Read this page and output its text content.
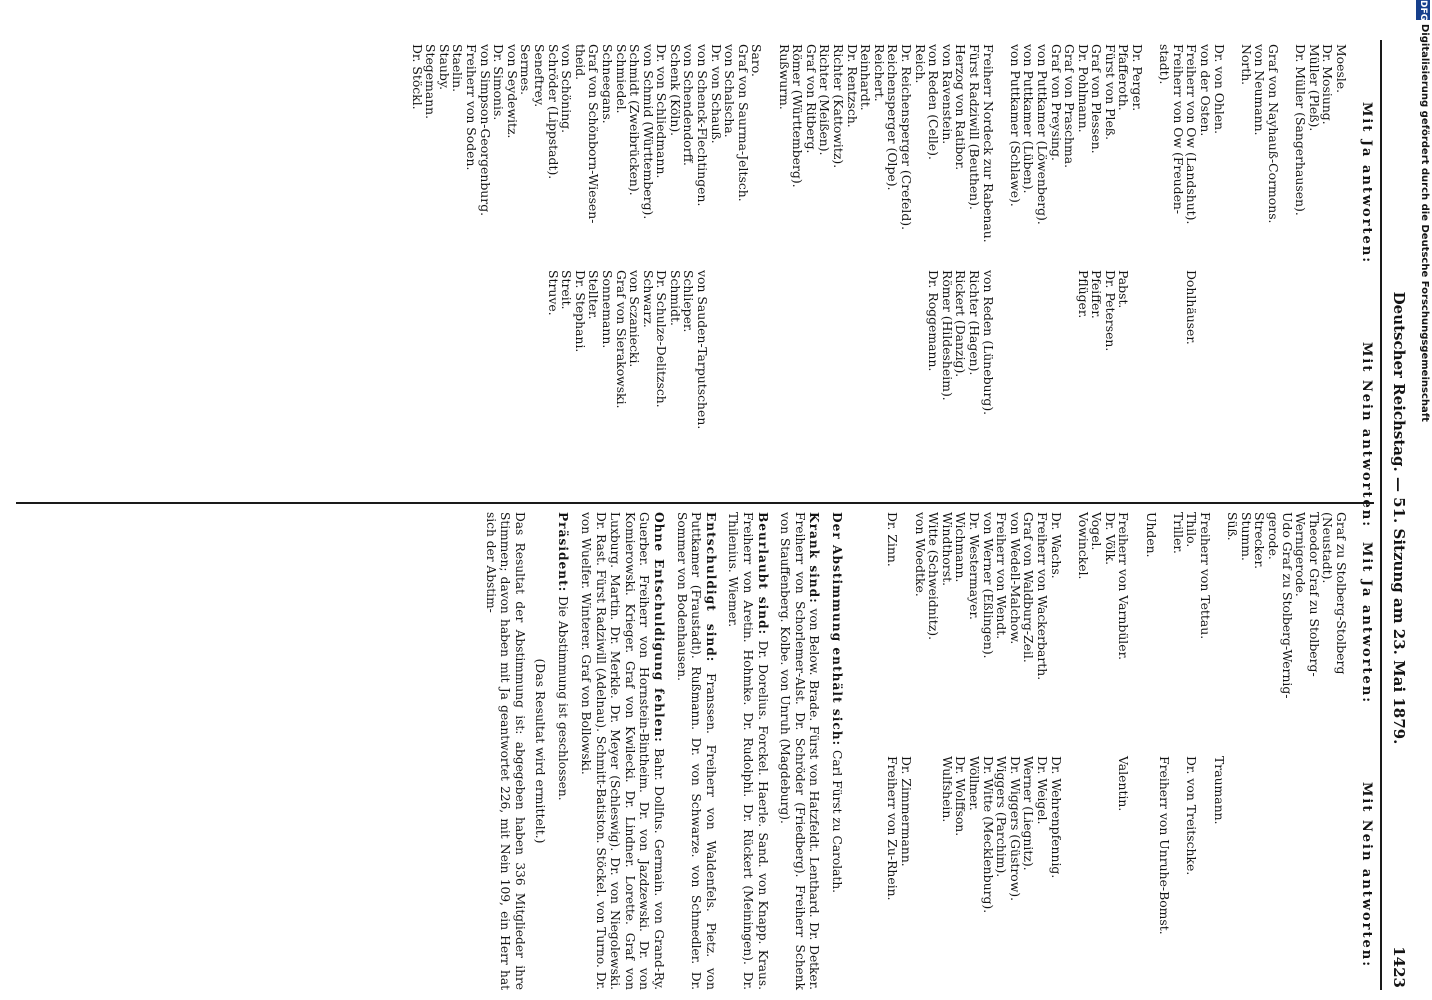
DFG
Digitalisierung gefördert durch die Deutsche Forschungsgemeinschaft
Deutscher Reichstag. — 51. Sitzung am 23. Mai 1879.
1423
Mit Ja antworten:
Mit Nein antworten:
Moesle.
Dr. Mosiung.
Müller (Pleß).
Dr. Müller (Sangerhausen).

Graf von Nayhauß-Cormons.
von Neumann.
North.

Dr. von Ohlen.
von der Osten.
Freiherr von Ow (Landshut).
Freiherr von Ow (Freuden-
stadt).

Dr. Perger.
Pfafferoth.
Fürst von Pleß.
Graf von Plessen.
Dr. Pohlmann.
Graf von Praschma.
Graf von Preysing.
von Puttkamer (Löwenberg).
von Puttkamer (Lüben).
von Puttkamer (Schlawe).

Freiherr Nordeck zur Rabenau.
Fürst Radziwill (Beuthen).
Herzog von Ratibor.
von Ravenstein.
von Reden (Celle).
Reich.
Dr. Reichensperger (Crefeld).
Reichensperger (Olpe).
Reichert.
Reinhardt.
Dr. Rentzsch.
Richter (Kattowitz).
Richter (Meißen).
Graf von Ritberg.
Römer (Württemberg).
Rußwurm.

Saro.
Graf von Saurma-Jeltsch.
von Schalscha.
Dr. von Schauß.
von Schenck-Flechtingen.
von Schendendorff.
Schenk (Köln).
Dr. von Schliedmann.
von Schmid (Württemberg).
Schmidt (Zweibrücken).
Schmiedel.
Schneegans.
Graf von Schönborn-Wiesen-
theid.
von Schöning.
Schröder (Lippstadt).
Seneftrey.
Sermes.
von Seydewitz.
Dr. Simonis.
von Simpson-Georgenburg.
Freiherr von Soden.
Staelin.
Stauby.
Stegemann.
Dr. Stöckl.

Dohlhäuser.

Pabst.
Dr. Petersen.
Pfeiffer.
Pflüger.

von Reden (Lüneburg).
Richter (Hagen).
Rickert (Danzig).
Römer (Hildesheim).
Dr. Roggemann.

von Sauden-Tarputschen.
Schlieper.
Schmidt.
Dr. Schulze-Delitzsch.
Schwarz.
von Sczaniecki.
Graf von Sierakowski.
Sonnemann.
Stellter.
Dr. Stephani.
Streit.
Struve.
Mit Ja antworten:
Mit Nein antworten:
Graf zu Stolberg-Stolberg
(Neustadt).
Theodor Graf zu Stolberg-
Wernigerode.
Udo Graf zu Stolberg-Wernig-
gerode.
Strecker.
Stumm.
Süß.

Freiherr von Tettau.
Thilo.
Triller.

Uhden.

Freiherr von Varnbüler.
Dr. Völk.
Vogel.
Vowinckel.

Dr. Wachs.
Freiherr von Wackerbarth.
Graf von Waldburg-Zeil.
von Wedell-Malchow.
Freiherr von Wendt.
von Werner (Eßlingen).
Dr. Westermayer.
Wichmann.
Windthorst.
Witte (Schweidnitz).
von Woedtke.

Dr. Zinn.

Traumann.

Dr. von Treitschke.

Freiherr von Unruhe-Bomst.

Valentin.

Dr. Wehrenpfennig.
Dr. Weigel.
Werner (Liegnitz).
Dr. Wiggers (Güstrow).
Wiggers (Parchim).
Dr. Witte (Mecklenburg).
Wöllmer.
Dr. Wolffson.
Wulfshein.

Dr. Zimmermann.
Freiherr von Zu-Rhein.

Der Abstimmung enthält sich: Carl Fürst zu Carolath.

Krank sind: von Below. Brade. Fürst von Hatzfeldt. Lenthard. Dr. Detker. Freiherr von Schorlemer-Alst. Dr. Schröder (Friedberg). Freiherr Schenk von Stauffenberg. Kolbe. von Unruh (Magdeburg).

Beurlaubt sind: Dr. Dorelius. Forckel. Haerle. Sand. von Knapp. Kraus. Freiherr von Aretin. Hohmke. Dr. Rudolphi. Dr. Rückert (Meiningen). Dr. Thilenius. Wiemer.

Entschuldigt sind: Franssen. Freiherr von Waldenfels. Pietz. von Puttkamer (Fraustadt). Rußmann. Dr. von Schwarze. von Schmedler. Dr. Sommer von Bodenhausen.

Ohne Entschuldigung fehlen: Bahr. Dollfus. Germain. von Grand-Ry. Guerber. Freiherr von Hornstein-Bintheim. Dr. von Jazdzewski. Dr. von Komierowski. Krieger. Graf von Kwilecki. Dr. Lindner. Lorette. Graf von Luxburg. Martin. Dr. Merkle. Dr. Meyer (Schleswig). Dr. von Niegolewski. Dr. Rast. Fürst Radziwill (Adelnau). Schmitt-Batiston. Stöckel. von Turno. Dr. von Wuelfer. Winterer. Graf von Bollowski.

Präsident: Die Abstimmung ist geschlossen.

(Das Resultat wird ermittelt.)

Das Resultat der Abstimmung ist: abgegeben haben 336 Mitglieder ihre Stimmen; davon haben mit Ja geantwortet 226, mit Nein 109, ein Herr hat sich der Abstim-
